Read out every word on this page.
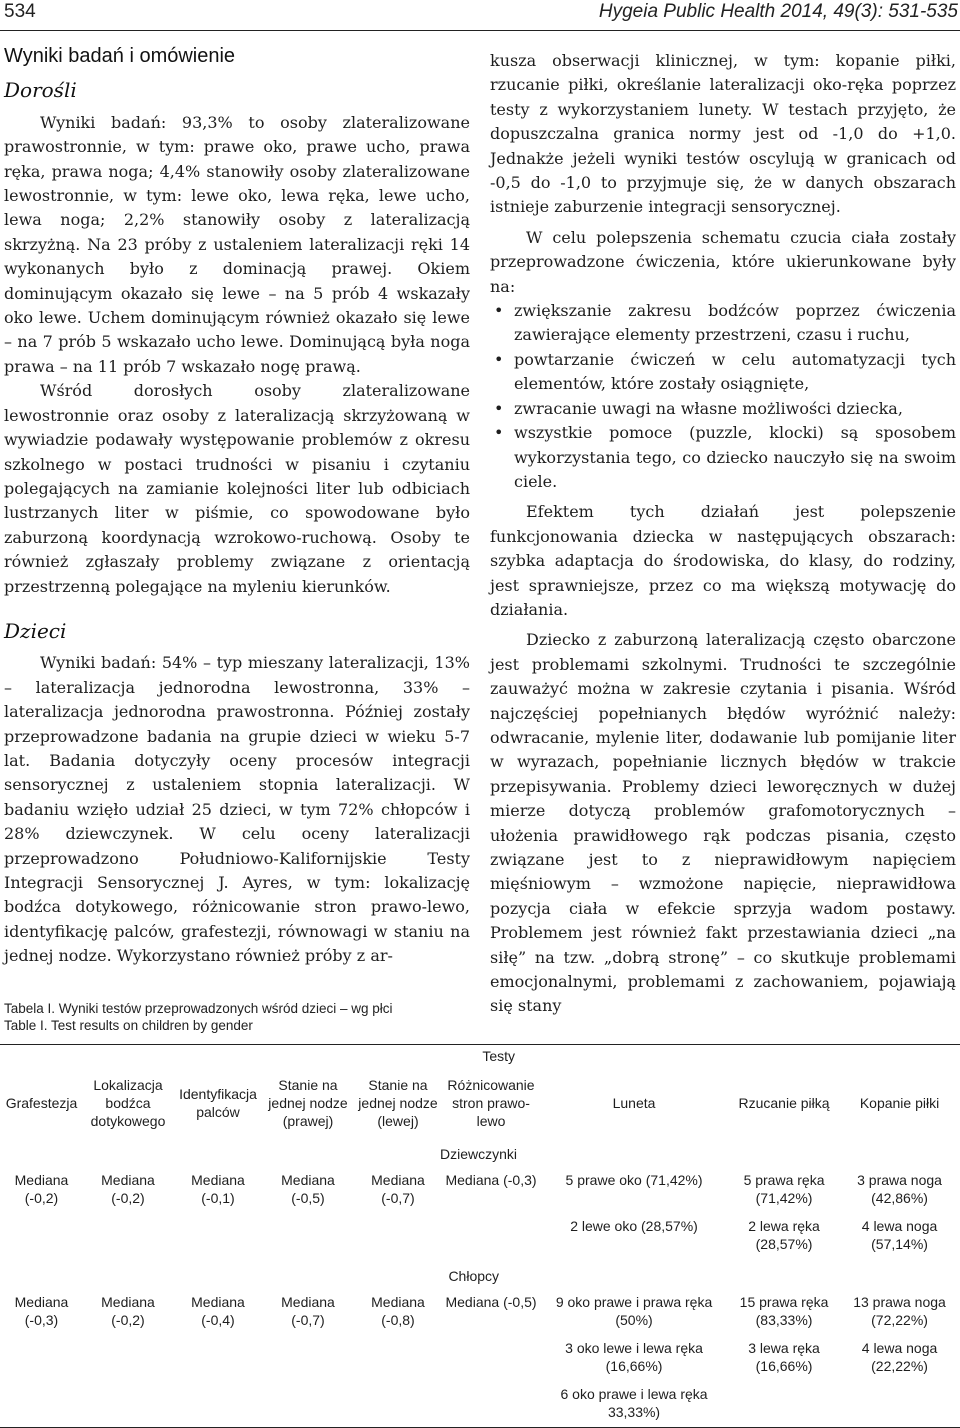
534	Hygeia Public Health 2014, 49(3): 531-535
Wyniki badań i omówienie
Dorośli

Wyniki badań: 93,3% to osoby zlateralizowane prawostronnie, w tym: prawe oko, prawe ucho, prawa ręka, prawa noga; 4,4% stanowiły osoby zlateralizowane lewostronnie, w tym: lewe oko, lewa ręka, lewe ucho, lewa noga; 2,2% stanowiły osoby z lateralizacją skrzyżną. Na 23 próby z ustaleniem lateralizacji ręki 14 wykonanych było z dominacją prawej. Okiem dominującym okazało się lewe – na 5 prób 4 wskazały oko lewe. Uchem dominującym również okazało się lewe – na 7 prób 5 wskazało ucho lewe. Dominującą była noga prawa – na 11 prób 7 wskazało nogę prawą.

Wśród dorosłych osoby zlateralizowane lewostronnie oraz osoby z lateralizacją skrzyżowaną w wywiadzie podawały występowanie problemów z okresu szkolnego w postaci trudności w pisaniu i czytaniu polegających na zamianie kolejności liter lub odbiciach lustrzanych liter w piśmie, co spowodowane było zaburzoną koordynacją wzrokowo-ruchową. Osoby te również zgłaszały problemy związane z orientacją przestrzenną polegające na myleniu kierunków.

Dzieci

Wyniki badań: 54% – typ mieszany lateralizacji, 13% – lateralizacja jednorodna lewostronna, 33% – lateralizacja jednorodna prawostronna. Później zostały przeprowadzone badania na grupie dzieci w wieku 5-7 lat. Badania dotyczyły oceny procesów integracji sensorycznej z ustaleniem stopnia lateralizacji. W badaniu wzięło udział 25 dzieci, w tym 72% chłopców i 28% dziewczynek. W celu oceny lateralizacji przeprowadzono Południowo-Kalifornijskie Testy Integracji Sensorycznej J. Ayres, w tym: lokalizację bodźca dotykowego, różnicowanie stron prawo-lewo, identyfikację palców, grafestezji, równowagi w staniu na jednej nodze. Wykorzystano również próby z ar-

kusza obserwacji klinicznej, w tym: kopanie piłki, rzucanie piłki, określanie lateralizacji oko-ręka poprzez testy z wykorzystaniem lunety. W testach przyjęto, że dopuszczalna granica normy jest od -1,0 do +1,0. Jednakże jeżeli wyniki testów oscylują w granicach od -0,5 do -1,0 to przyjmuje się, że w danych obszarach istnieje zaburzenie integracji sensorycznej.

W celu polepszenia schematu czucia ciała zostały przeprowadzone ćwiczenia, które ukierunkowane były na:

• zwiększanie zakresu bodźców poprzez ćwiczenia zawierające elementy przestrzeni, czasu i ruchu,
• powtarzanie ćwiczeń w celu automatyzacji tych elementów, które zostały osiągnięte,
• zwracanie uwagi na własne możliwości dziecka,
• wszystkie pomoce (puzzle, klocki) są sposobem wykorzystania tego, co dziecko nauczyło się na swoim ciele.

Efektem tych działań jest polepszenie funkcjonowania dziecka w następujących obszarach: szybka adaptacja do środowiska, do klasy, do rodziny, jest sprawniejsze, przez co ma większą motywację do działania.

Dziecko z zaburzoną lateralizacją często obarczone jest problemami szkolnymi. Trudności te szczególnie zauważyć można w zakresie czytania i pisania. Wśród najczęściej popełnianych błędów wyróżnić należy: odwracanie, mylenie liter, dodawanie lub pomijanie liter w wyrazach, popełnianie licznych błędów w trakcie przepisywania. Problemy dzieci leworęcznych w dużej mierze dotyczą problemów grafomotorycznych – ułożenia prawidłowego rąk podczas pisania, często związane jest to z nieprawidłowym napięciem mięśniowym – wzmożone napięcie, nieprawidłowa pozycja ciała w efekcie sprzyja wadom postawy. Problemem jest również fakt przestawiania dzieci „na siłę” na tzw. „dobrą stronę” – co skutkuje problemami emocjonalnymi, problemami z zachowaniem, pojawiają się stany

Tabela I. Wyniki testów przeprowadzonych wśród dzieci – wg płci
Table I. Test results on children by gender
Testy								
Grafestezja	Lokalizacja bodźca dotykowego	Identyfikacja palców	Stanie na jednej nodze (prawej)	Stanie na jednej nodze (lewej)	Różnicowanie stron prawo-lewo	Luneta	Rzucanie piłką	Kopanie piłki
Dziewczynki								
Mediana (-0,2)	Mediana (-0,2)	Mediana (-0,1)	Mediana (-0,5)	Mediana (-0,7)	Mediana (-0,3)	5 prawe oko (71,42%)	5 prawa ręka (71,42%)	3 prawa noga (42,86%)
						2 lewe oko (28,57%)	2 lewa ręka (28,57%)	4 lewa noga (57,14%)
Chłopcy								
Mediana (-0,3)	Mediana (-0,2)	Mediana (-0,4)	Mediana (-0,7)	Mediana (-0,8)	Mediana (-0,5)	9 oko prawe i prawa ręka (50%)	15 prawa ręka (83,33%)	13 prawa noga (72,22%)
						3 oko lewe i lewa ręka (16,66%)	3 lewa ręka (16,66%)	4 lewa noga (22,22%)
						6 oko prawe i lewa ręka 33,33%)		
